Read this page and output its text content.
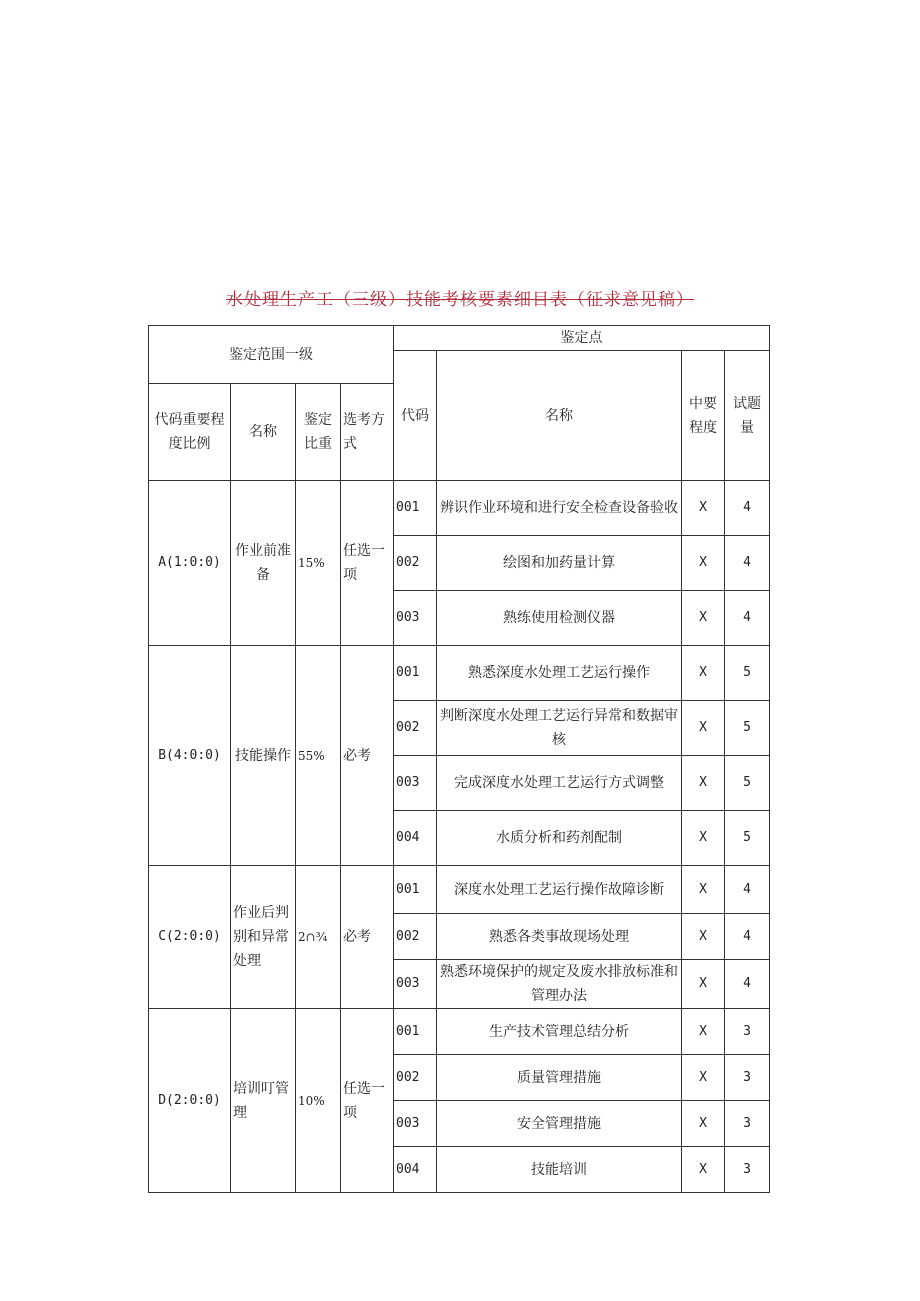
水处理生产工（三级）技能考核要素细目表（征求意见稿）
鉴定范围一级				鉴定点			
				代码	名称	中要程度	试题量
代码重要程度比例	名称	鉴定比重	选考方式				
A(1:0:0)	作业前准备	15%	任选一项	001	辨识作业环境和进行安全检查设备验收	X	4
				002	绘图和加药量计算	X	4
				003	熟练使用检测仪器	X	4
B(4:0:0)	技能操作	55%	必考	001	熟悉深度水处理工艺运行操作	X	5
				002	判断深度水处理工艺运行异常和数据审核	X	5
				003	完成深度水处理工艺运行方式调整	X	5
				004	水质分析和药剂配制	X	5
C(2:0:0)	作业后判别和异常处理	2∩¾	必考	001	深度水处理工艺运行操作故障诊断	X	4
				002	熟悉各类事故现场处理	X	4
				003	熟悉环境保护的规定及废水排放标准和管理办法	X	4
D(2:0:0)	培训叮管理	10%	任选一项	001	生产技术管理总结分析	X	3
				002	质量管理措施	X	3
				003	安全管理措施	X	3
				004	技能培训	X	3
